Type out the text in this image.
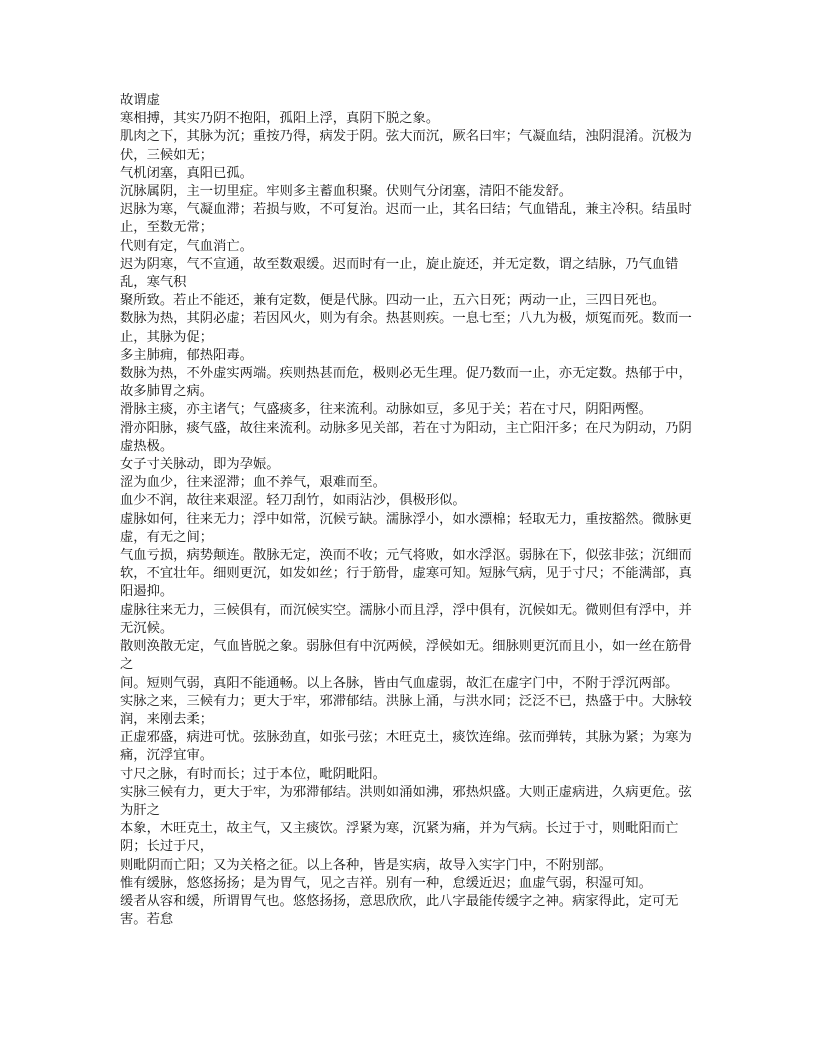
故谓虚

寒相搏，其实乃阴不抱阳，孤阳上浮，真阴下脱之象。

肌肉之下，其脉为沉；重按乃得，病发于阴。弦大而沉，厥名曰牢；气凝血结，浊阴混淆。沉极为伏，三候如无；

气机闭塞，真阳已孤。

沉脉属阴，主一切里症。牢则多主蓄血积聚。伏则气分闭塞，清阳不能发舒。

迟脉为寒，气凝血滞；若损与败，不可复治。迟而一止，其名曰结；气血错乱，兼主冷积。结虽时止，至数无常；

代则有定，气血消亡。

迟为阴寒，气不宣通，故至数艰缓。迟而时有一止，旋止旋还，并无定数，谓之结脉，乃气血错乱，寒气积

聚所致。若止不能还，兼有定数，便是代脉。四动一止，五六日死；两动一止，三四日死也。

数脉为热，其阴必虚；若因风火，则为有余。热甚则疾。一息七至；八九为极，烦冤而死。数而一止，其脉为促；

多主肺痈，郁热阳毒。

数脉为热，不外虚实两端。疾则热甚而危，极则必无生理。促乃数而一止，亦无定数。热郁于中，故多肺胃之病。

滑脉主痰，亦主诸气；气盛痰多，往来流利。动脉如豆，多见于关；若在寸尺，阴阳两慳。

滑亦阳脉，痰气盛，故往来流利。动脉多见关部，若在寸为阳动，主亡阳汗多；在尺为阴动，乃阴虚热极。

女子寸关脉动，即为孕娠。

涩为血少，往来涩滞；血不养气，艰难而至。

血少不润，故往来艰涩。轻刀刮竹，如雨沾沙，俱极形似。

虚脉如何，往来无力；浮中如常，沉候亏缺。濡脉浮小，如水漂棉；轻取无力，重按豁然。微脉更虚，有无之间；

气血亏损，病势颠连。散脉无定，涣而不收；元气将败，如水浮沤。弱脉在下，似弦非弦；沉细而

软，不宜壮年。细则更沉，如发如丝；行于筋骨，虚寒可知。短脉气病，见于寸尺；不能满部，真阳遏抑。

虚脉往来无力，三候俱有，而沉候实空。濡脉小而且浮，浮中俱有，沉候如无。微则但有浮中，并无沉候。

散则涣散无定，气血皆脱之象。弱脉但有中沉两候，浮候如无。细脉则更沉而且小，如一丝在筋骨之

间。短则气弱，真阳不能通畅。以上各脉，皆由气血虚弱，故汇在虚字门中，不附于浮沉两部。

实脉之来，三候有力；更大于牢，邪滞郁结。洪脉上涌，与洪水同；泛泛不已，热盛于中。大脉较润，来刚去柔；

正虚邪盛，病进可忧。弦脉劲直，如张弓弦；木旺克土，痰饮连绵。弦而弹转，其脉为紧；为寒为痛，沉浮宜审。

寸尺之脉，有时而长；过于本位，毗阴毗阳。

实脉三候有力，更大于牢，为邪滞郁结。洪则如涌如沸，邪热炽盛。大则正虚病进，久病更危。弦为肝之

本象，木旺克土，故主气，又主痰饮。浮紧为寒，沉紧为痛，并为气病。长过于寸，则毗阳而亡阴；长过于尺，

则毗阴而亡阳；又为关格之征。以上各种，皆是实病，故导入实字门中，不附别部。

惟有缓脉，悠悠扬扬；是为胃气，见之吉祥。别有一种，怠缓近迟；血虚气弱，积湿可知。

缓者从容和缓，所谓胃气也。悠悠扬扬，意思欣欣，此八字最能传缓字之神。病家得此，定可无害。若怠
